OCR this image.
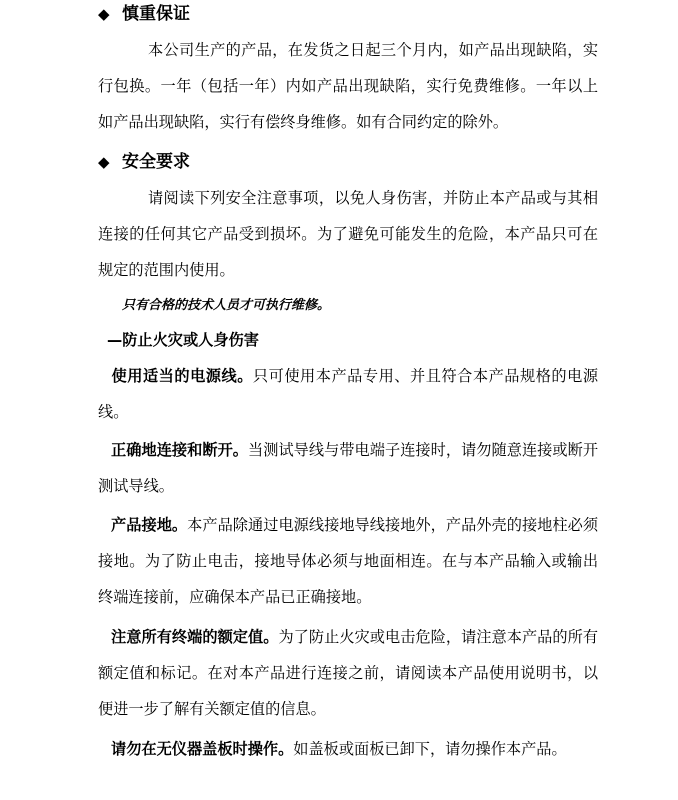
◆ 慎重保证
本公司生产的产品，在发货之日起三个月内，如产品出现缺陷，实行包换。一年（包括一年）内如产品出现缺陷，实行免费维修。一年以上如产品出现缺陷，实行有偿终身维修。如有合同约定的除外。
◆ 安全要求
请阅读下列安全注意事项，以免人身伤害，并防止本产品或与其相连接的任何其它产品受到损坏。为了避免可能发生的危险，本产品只可在规定的范围内使用。
只有合格的技术人员才可执行维修。
—防止火灾或人身伤害
使用适当的电源线。只可使用本产品专用、并且符合本产品规格的电源线。
正确地连接和断开。当测试导线与带电端子连接时，请勿随意连接或断开测试导线。
产品接地。本产品除通过电源线接地导线接地外，产品外壳的接地柱必须接地。为了防止电击，接地导体必须与地面相连。在与本产品输入或输出终端连接前，应确保本产品已正确接地。
注意所有终端的额定值。为了防止火灾或电击危险，请注意本产品的所有额定值和标记。在对本产品进行连接之前，请阅读本产品使用说明书，以便进一步了解有关额定值的信息。
请勿在无仪器盖板时操作。如盖板或面板已卸下，请勿操作本产品。
